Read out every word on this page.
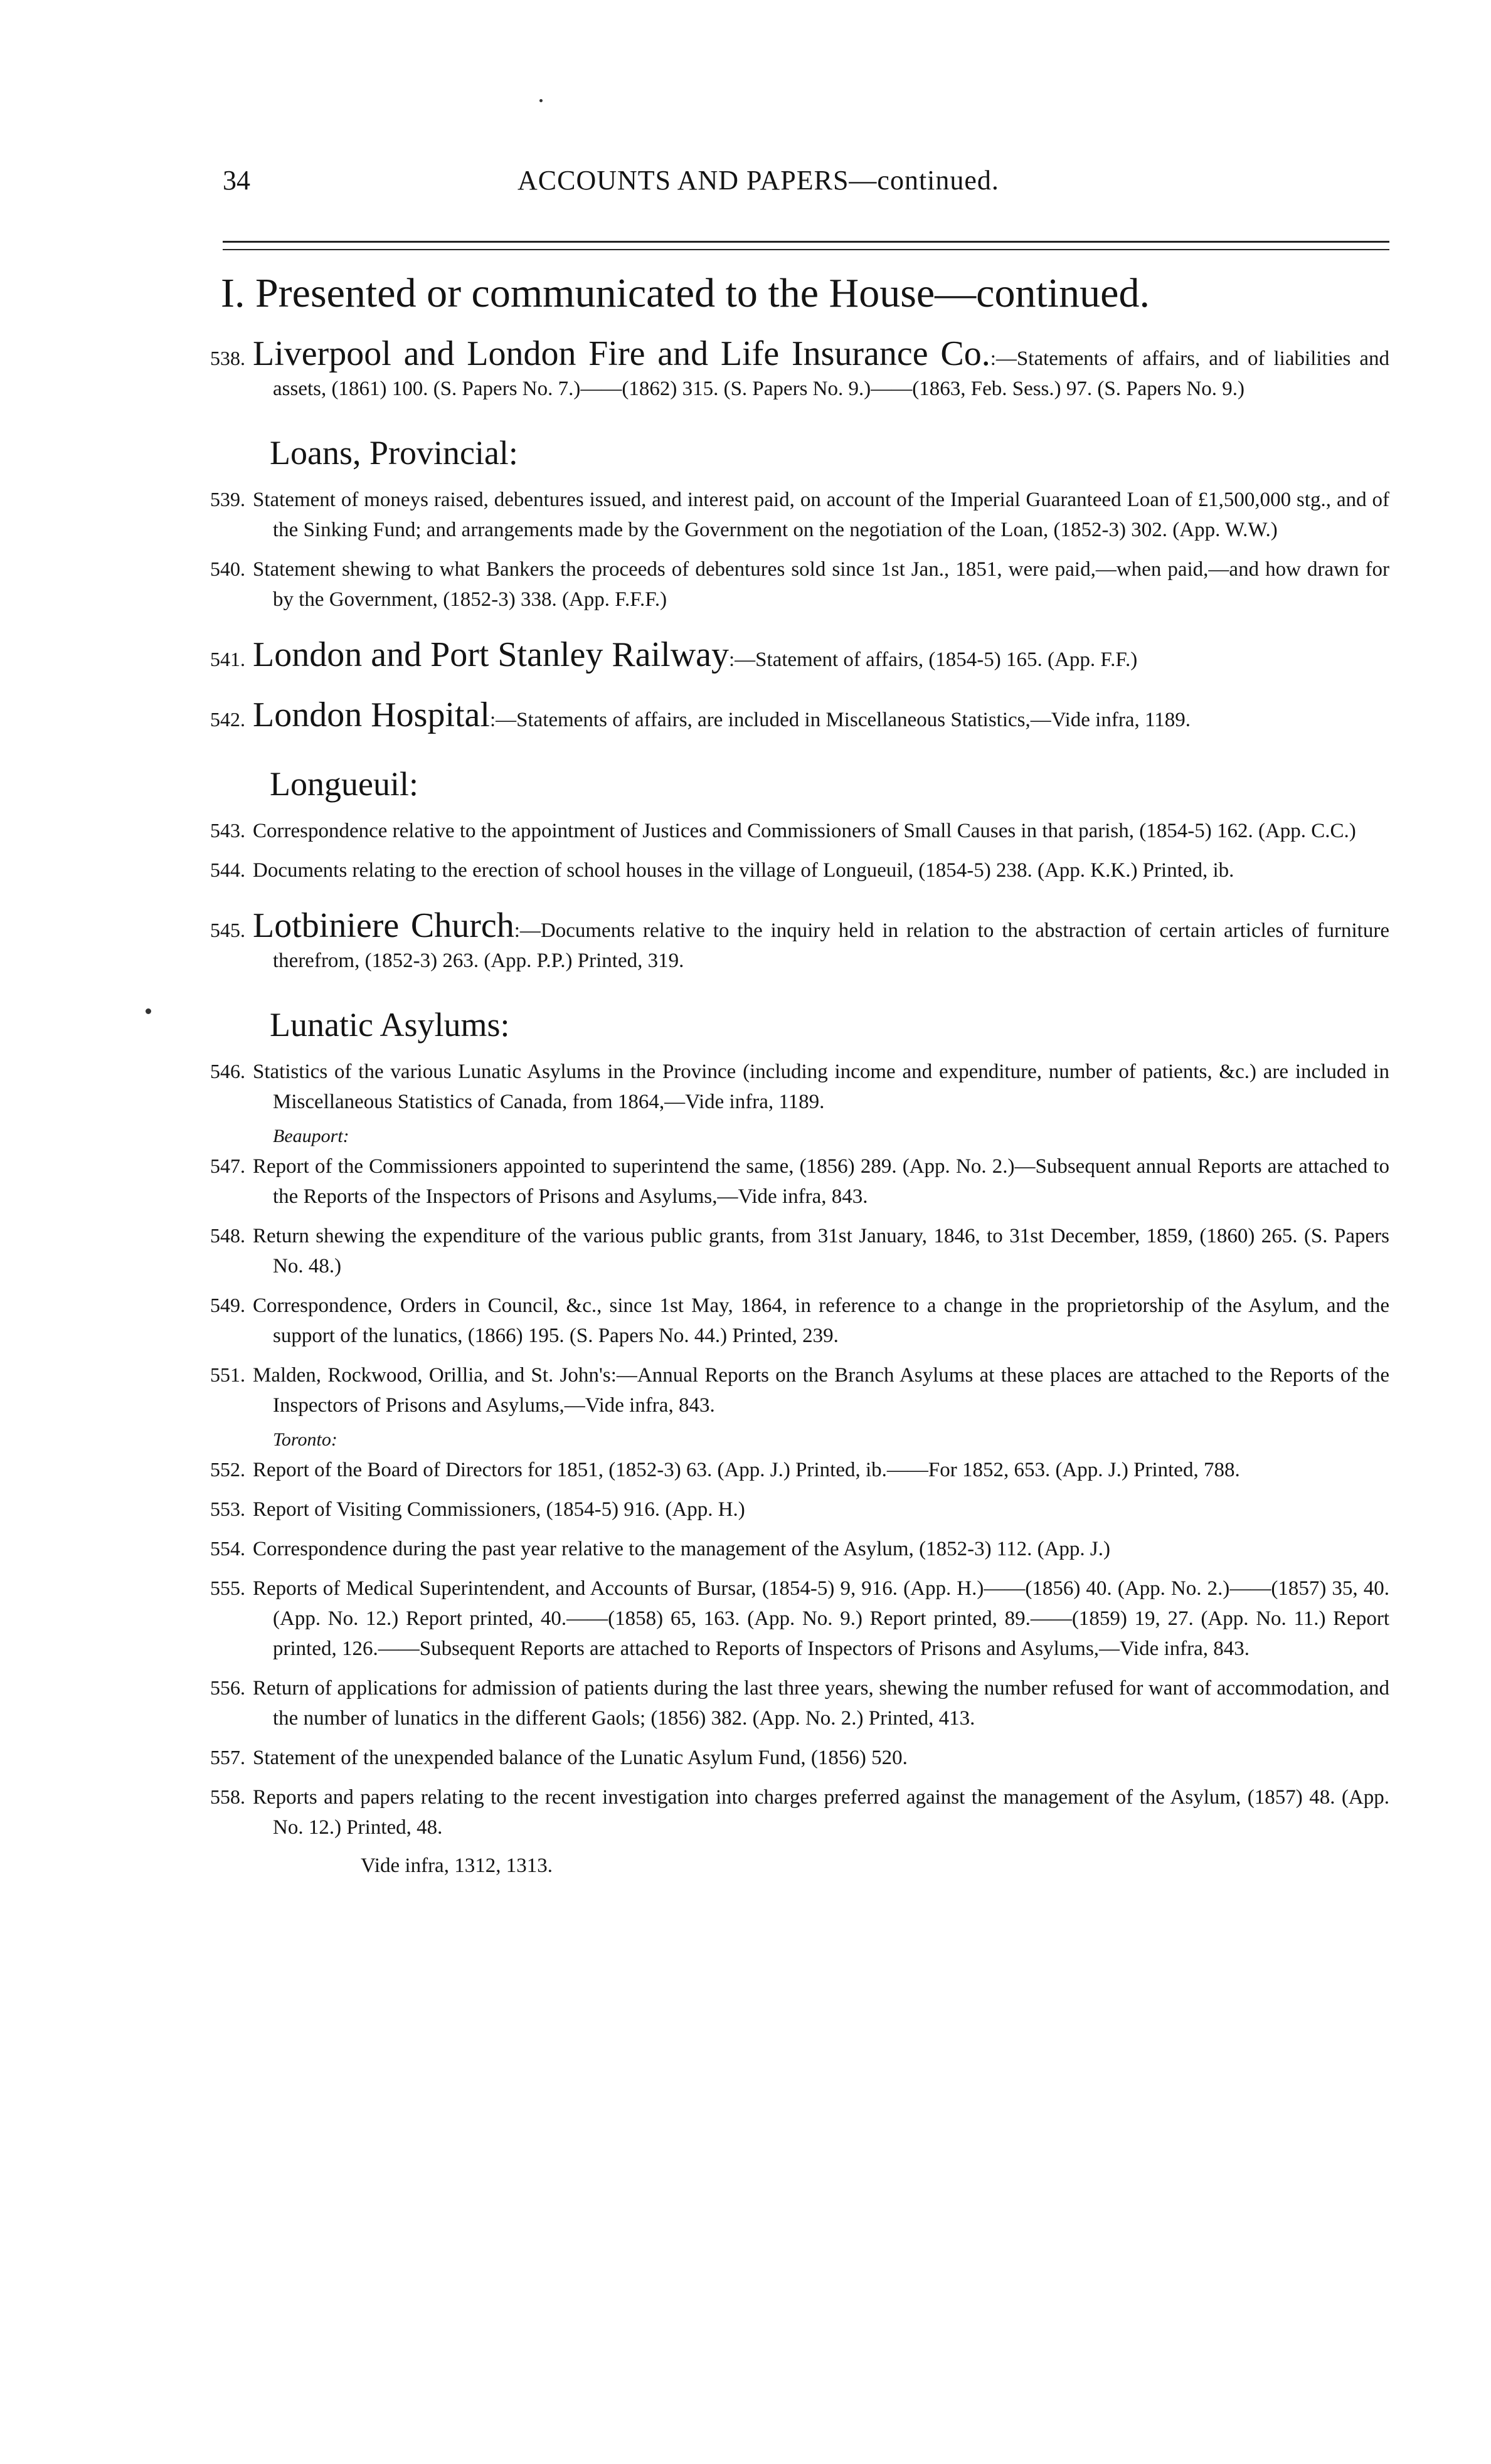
34	ACCOUNTS AND PAPERS—continued.
I. Presented or communicated to the House—continued.

538. Liverpool and London Fire and Life Insurance Co.:—Statements of affairs, and of liabilities and assets, (1861) 100. (S. Papers No. 7.)——(1862) 315. (S. Papers No. 9.)——(1863, Feb. Sess.) 97. (S. Papers No. 9.)

Loans, Provincial:

539. Statement of moneys raised, debentures issued, and interest paid, on account of the Imperial Guaranteed Loan of £1,500,000 stg., and of the Sinking Fund; and arrangements made by the Government on the negotiation of the Loan, (1852-3) 302. (App. W.W.)

540. Statement shewing to what Bankers the proceeds of debentures sold since 1st Jan., 1851, were paid,—when paid,—and how drawn for by the Government, (1852-3) 338. (App. F.F.F.)

541. London and Port Stanley Railway:—Statement of affairs, (1854-5) 165. (App. F.F.)

542. London Hospital:—Statements of affairs, are included in Miscellaneous Statistics,—Vide infra, 1189.

Longueuil:

543. Correspondence relative to the appointment of Justices and Commissioners of Small Causes in that parish, (1854-5) 162. (App. C.C.)

544. Documents relating to the erection of school houses in the village of Longueuil, (1854-5) 238. (App. K.K.) Printed, ib.

545. Lotbiniere Church:—Documents relative to the inquiry held in relation to the abstraction of certain articles of furniture therefrom, (1852-3) 263. (App. P.P.) Printed, 319.

Lunatic Asylums:

546. Statistics of the various Lunatic Asylums in the Province (including income and expenditure, number of patients, &c.) are included in Miscellaneous Statistics of Canada, from 1864,—Vide infra, 1189.

Beauport:

547. Report of the Commissioners appointed to superintend the same, (1856) 289. (App. No. 2.)—Subsequent annual Reports are attached to the Reports of the Inspectors of Prisons and Asylums,—Vide infra, 843.

548. Return shewing the expenditure of the various public grants, from 31st January, 1846, to 31st December, 1859, (1860) 265. (S. Papers No. 48.)

549. Correspondence, Orders in Council, &c., since 1st May, 1864, in reference to a change in the proprietorship of the Asylum, and the support of the lunatics, (1866) 195. (S. Papers No. 44.) Printed, 239.

551. Malden, Rockwood, Orillia, and St. John's:—Annual Reports on the Branch Asylums at these places are attached to the Reports of the Inspectors of Prisons and Asylums,—Vide infra, 843.

Toronto:

552. Report of the Board of Directors for 1851, (1852-3) 63. (App. J.) Printed, ib.——For 1852, 653. (App. J.) Printed, 788.

553. Report of Visiting Commissioners, (1854-5) 916. (App. H.)

554. Correspondence during the past year relative to the management of the Asylum, (1852-3) 112. (App. J.)

555. Reports of Medical Superintendent, and Accounts of Bursar, (1854-5) 9, 916. (App. H.)——(1856) 40. (App. No. 2.)——(1857) 35, 40. (App. No. 12.) Report printed, 40.——(1858) 65, 163. (App. No. 9.) Report printed, 89.——(1859) 19, 27. (App. No. 11.) Report printed, 126.——Subsequent Reports are attached to Reports of Inspectors of Prisons and Asylums,—Vide infra, 843.

556. Return of applications for admission of patients during the last three years, shewing the number refused for want of accommodation, and the number of lunatics in the different Gaols; (1856) 382. (App. No. 2.) Printed, 413.

557. Statement of the unexpended balance of the Lunatic Asylum Fund, (1856) 520.

558. Reports and papers relating to the recent investigation into charges preferred against the management of the Asylum, (1857) 48. (App. No. 12.) Printed, 48.

Vide infra, 1312, 1313.
